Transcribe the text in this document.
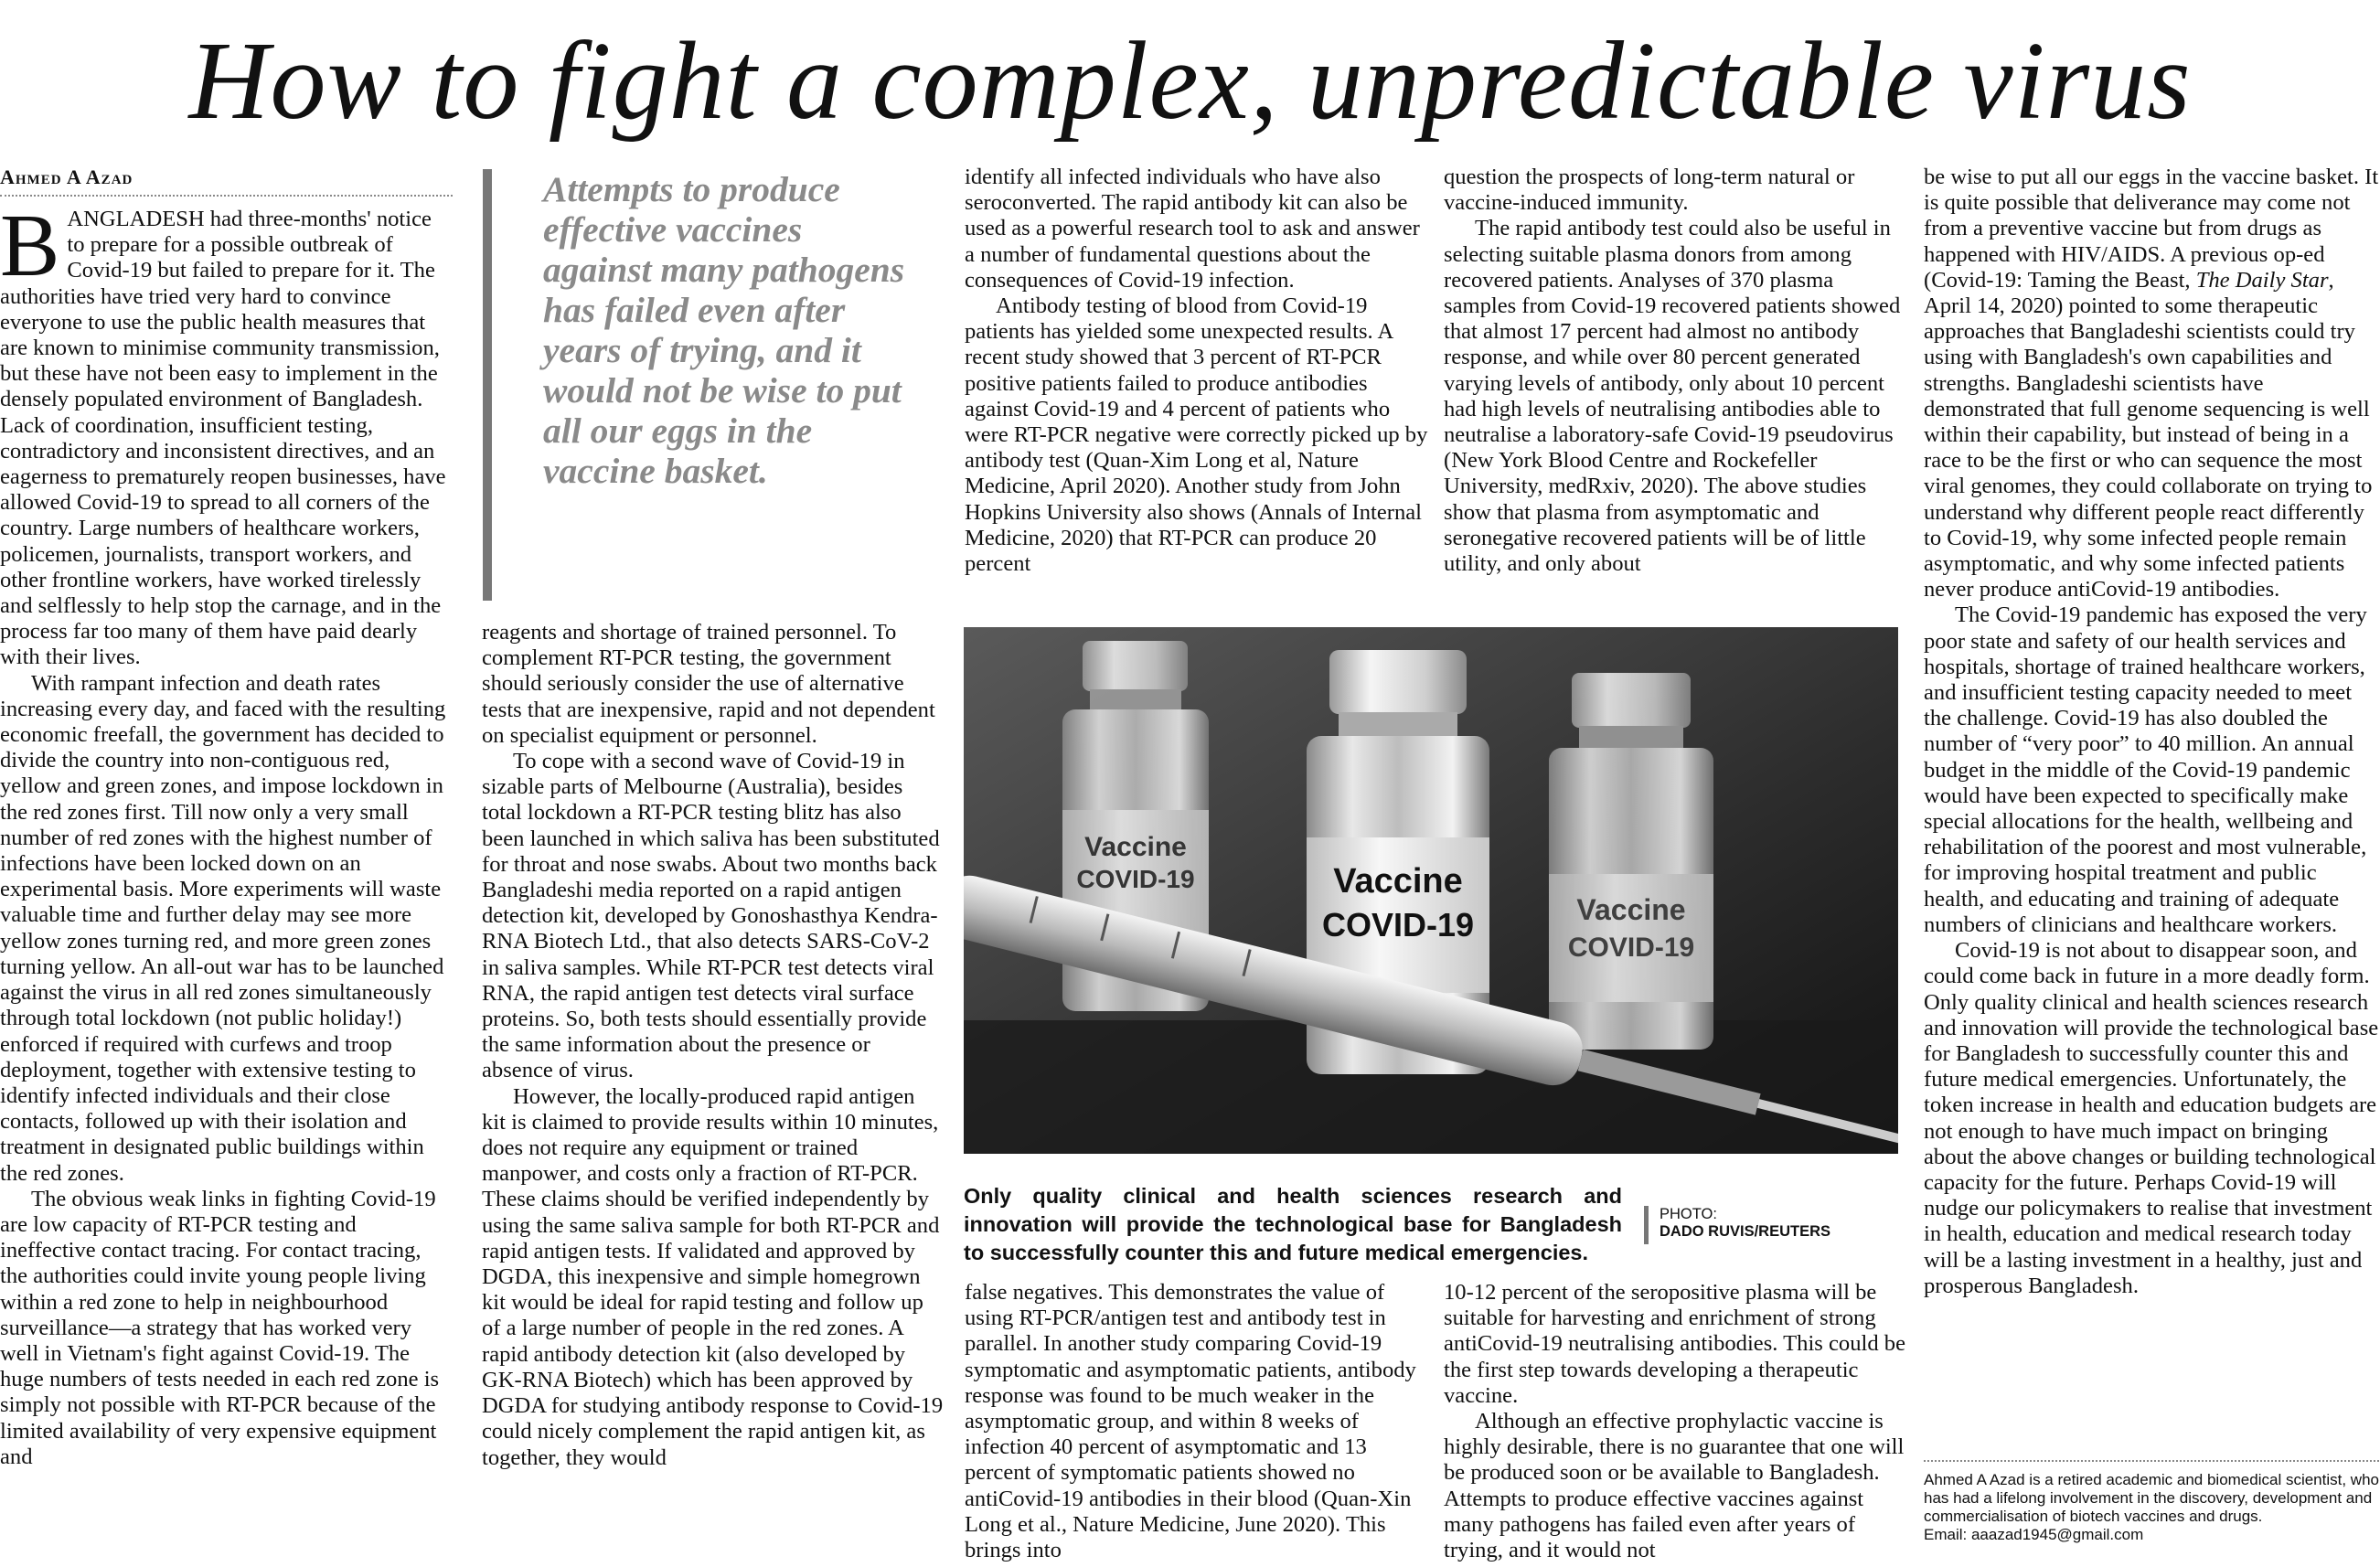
How to fight a complex, unpredictable virus
Ahmed A Azad

BANGLADESH had three-months' notice to prepare for a possible outbreak of Covid-19 but failed to prepare for it. The authorities have tried very hard to convince everyone to use the public health measures that are known to minimise community transmission, but these have not been easy to implement in the densely populated environment of Bangladesh. Lack of coordination, insufficient testing, contradictory and inconsistent directives, and an eagerness to prematurely reopen businesses, have allowed Covid-19 to spread to all corners of the country. Large numbers of healthcare workers, policemen, journalists, transport workers, and other frontline workers, have worked tirelessly and selflessly to help stop the carnage, and in the process far too many of them have paid dearly with their lives.

With rampant infection and death rates increasing every day, and faced with the resulting economic freefall, the government has decided to divide the country into non-contiguous red, yellow and green zones, and impose lockdown in the red zones first. Till now only a very small number of red zones with the highest number of infections have been locked down on an experimental basis. More experiments will waste valuable time and further delay may see more yellow zones turning red, and more green zones turning yellow. An all-out war has to be launched against the virus in all red zones simultaneously through total lockdown (not public holiday!) enforced if required with curfews and troop deployment, together with extensive testing to identify infected individuals and their close contacts, followed up with their isolation and treatment in designated public buildings within the red zones.

The obvious weak links in fighting Covid-19 are low capacity of RT-PCR testing and ineffective contact tracing. For contact tracing, the authorities could invite young people living within a red zone to help in neighbourhood surveillance—a strategy that has worked very well in Vietnam's fight against Covid-19. The huge numbers of tests needed in each red zone is simply not possible with RT-PCR because of the limited availability of very expensive equipment and

Attempts to produce effective vaccines against many pathogens has failed even after years of trying, and it would not be wise to put all our eggs in the vaccine basket.

reagents and shortage of trained personnel. To complement RT-PCR testing, the government should seriously consider the use of alternative tests that are inexpensive, rapid and not dependent on specialist equipment or personnel.

To cope with a second wave of Covid-19 in sizable parts of Melbourne (Australia), besides total lockdown a RT-PCR testing blitz has also been launched in which saliva has been substituted for throat and nose swabs. About two months back Bangladeshi media reported on a rapid antigen detection kit, developed by Gonoshasthya Kendra-RNA Biotech Ltd., that also detects SARS-CoV-2 in saliva samples. While RT-PCR test detects viral RNA, the rapid antigen test detects viral surface proteins. So, both tests should essentially provide the same information about the presence or absence of virus.

However, the locally-produced rapid antigen kit is claimed to provide results within 10 minutes, does not require any equipment or trained manpower, and costs only a fraction of RT-PCR. These claims should be verified independently by using the same saliva sample for both RT-PCR and rapid antigen tests. If validated and approved by DGDA, this inexpensive and simple homegrown kit would be ideal for rapid testing and follow up of a large number of people in the red zones. A rapid antibody detection kit (also developed by GK-RNA Biotech) which has been approved by DGDA for studying antibody response to Covid-19 could nicely complement the rapid antigen kit, as together, they would

identify all infected individuals who have also seroconverted. The rapid antibody kit can also be used as a powerful research tool to ask and answer a number of fundamental questions about the consequences of Covid-19 infection.

Antibody testing of blood from Covid-19 patients has yielded some unexpected results. A recent study showed that 3 percent of RT-PCR positive patients failed to produce antibodies against Covid-19 and 4 percent of patients who were RT-PCR negative were correctly picked up by antibody test (Quan-Xim Long et al, Nature Medicine, April 2020). Another study from John Hopkins University also shows (Annals of Internal Medicine, 2020) that RT-PCR can produce 20 percent

question the prospects of long-term natural or vaccine-induced immunity.

The rapid antibody test could also be useful in selecting suitable plasma donors from among recovered patients. Analyses of 370 plasma samples from Covid-19 recovered patients showed that almost 17 percent had almost no antibody response, and while over 80 percent generated varying levels of antibody, only about 10 percent had high levels of neutralising antibodies able to neutralise a laboratory-safe Covid-19 pseudovirus (New York Blood Centre and Rockefeller University, medRxiv, 2020). The above studies show that plasma from asymptomatic and seronegative recovered patients will be of little utility, and only about

Vaccine
COVID-19
Vaccine
COVID-19
Vaccine
COVID-19
Only quality clinical and health sciences research and innovation will provide the technological base for Bangladesh to successfully counter this and future medical emergencies.
PHOTO:
DADO RUVIS/REUTERS

false negatives. This demonstrates the value of using RT-PCR/antigen test and antibody test in parallel. In another study comparing Covid-19 symptomatic and asymptomatic patients, antibody response was found to be much weaker in the asymptomatic group, and within 8 weeks of infection 40 percent of asymptomatic and 13 percent of symptomatic patients showed no antiCovid-19 antibodies in their blood (Quan-Xin Long et al., Nature Medicine, June 2020). This brings into

10-12 percent of the seropositive plasma will be suitable for harvesting and enrichment of strong antiCovid-19 neutralising antibodies. This could be the first step towards developing a therapeutic vaccine.

Although an effective prophylactic vaccine is highly desirable, there is no guarantee that one will be produced soon or be available to Bangladesh. Attempts to produce effective vaccines against many pathogens has failed even after years of trying, and it would not

be wise to put all our eggs in the vaccine basket. It is quite possible that deliverance may come not from a preventive vaccine but from drugs as happened with HIV/AIDS. A previous op-ed (Covid-19: Taming the Beast, The Daily Star, April 14, 2020) pointed to some therapeutic approaches that Bangladeshi scientists could try using with Bangladesh's own capabilities and strengths. Bangladeshi scientists have demonstrated that full genome sequencing is well within their capability, but instead of being in a race to be the first or who can sequence the most viral genomes, they could collaborate on trying to understand why different people react differently to Covid-19, why some infected people remain asymptomatic, and why some infected patients never produce antiCovid-19 antibodies.

The Covid-19 pandemic has exposed the very poor state and safety of our health services and hospitals, shortage of trained healthcare workers, and insufficient testing capacity needed to meet the challenge. Covid-19 has also doubled the number of “very poor” to 40 million. An annual budget in the middle of the Covid-19 pandemic would have been expected to specifically make special allocations for the health, wellbeing and rehabilitation of the poorest and most vulnerable, for improving hospital treatment and public health, and educating and training of adequate numbers of clinicians and healthcare workers.

Covid-19 is not about to disappear soon, and could come back in future in a more deadly form. Only quality clinical and health sciences research and innovation will provide the technological base for Bangladesh to successfully counter this and future medical emergencies. Unfortunately, the token increase in health and education budgets are not enough to have much impact on bringing about the above changes or building technological capacity for the future. Perhaps Covid-19 will nudge our policymakers to realise that investment in health, education and medical research today will be a lasting investment in a healthy, just and prosperous Bangladesh.

Ahmed A Azad is a retired academic and biomedical scientist, who has had a lifelong involvement in the discovery, development and commercialisation of biotech vaccines and drugs.
Email: aaazad1945@gmail.com
